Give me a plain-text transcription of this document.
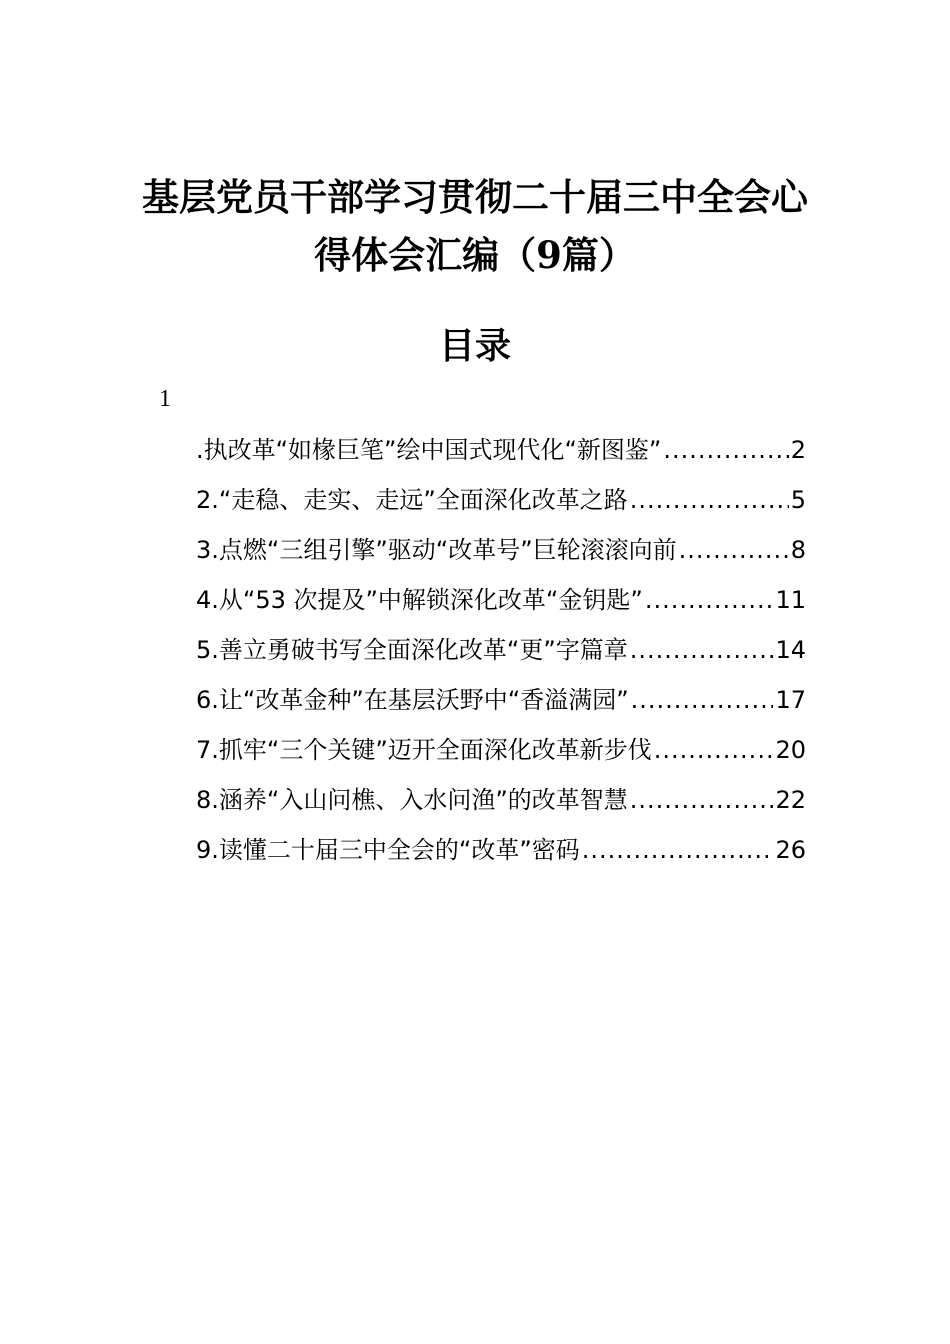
基层党员干部学习贯彻二十届三中全会心
得体会汇编（9篇）
目录
1
.执改革“如椽巨笔”绘中国式现代化“新图鉴” .....	2
2.“走稳、走实、走远”全面深化改革之路 .....	5
3.点燃“三组引擎”驱动“改革号”巨轮滚滚向前 .....	8
4.从“53 次提及”中解锁深化改革“金钥匙” .....	11
5.善立勇破书写全面深化改革“更”字篇章 .....	14
6.让“改革金种”在基层沃野中“香溢满园” .....	17
7.抓牢“三个关键”迈开全面深化改革新步伐 .....	20
8.涵养“入山问樵、入水问渔”的改革智慧 .....	22
9.读懂二十届三中全会的“改革”密码 .....	26
